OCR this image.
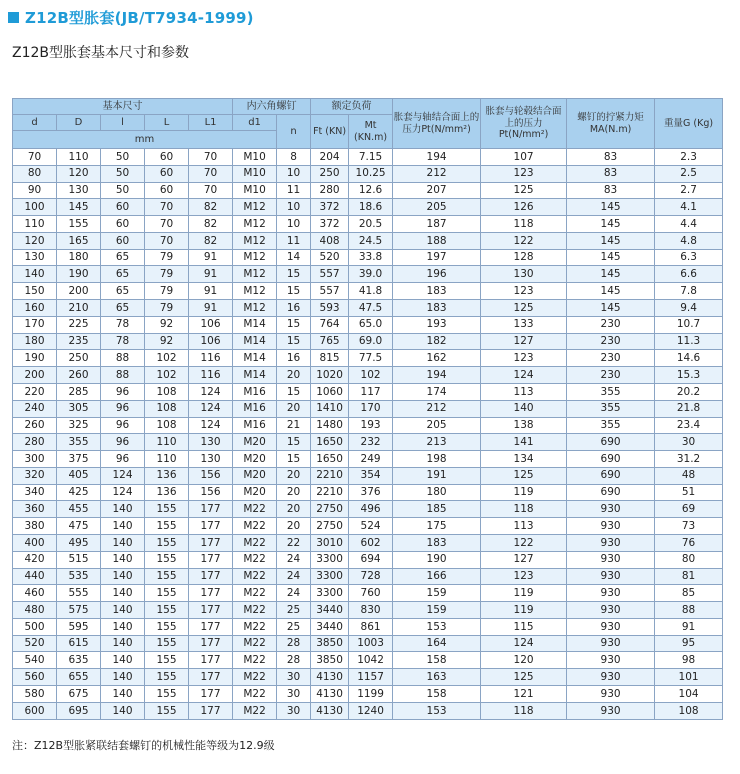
Z12B型胀套(JB/T7934-1999)
Z12B型胀套基本尺寸和参数
基本尺寸					内六角螺钉		额定负荷		胀套与轴结合面上的压力Pt(N/mm²)	胀套与轮毂结合面上的压力Pt(N/mm²)	螺钉的拧紧力矩MA(N.m)	重量G (Kg)
d	D	l	L	L1	d1	n	Ft (KN)	Mt (KN.m)				
mm												
70	110	50	60	70	M10	8	204	7.15	194	107	83	2.3
80	120	50	60	70	M10	10	250	10.25	212	123	83	2.5
90	130	50	60	70	M10	11	280	12.6	207	125	83	2.7
100	145	60	70	82	M12	10	372	18.6	205	126	145	4.1
110	155	60	70	82	M12	10	372	20.5	187	118	145	4.4
120	165	60	70	82	M12	11	408	24.5	188	122	145	4.8
130	180	65	79	91	M12	14	520	33.8	197	128	145	6.3
140	190	65	79	91	M12	15	557	39.0	196	130	145	6.6
150	200	65	79	91	M12	15	557	41.8	183	123	145	7.8
160	210	65	79	91	M12	16	593	47.5	183	125	145	9.4
170	225	78	92	106	M14	15	764	65.0	193	133	230	10.7
180	235	78	92	106	M14	15	765	69.0	182	127	230	11.3
190	250	88	102	116	M14	16	815	77.5	162	123	230	14.6
200	260	88	102	116	M14	20	1020	102	194	124	230	15.3
220	285	96	108	124	M16	15	1060	117	174	113	355	20.2
240	305	96	108	124	M16	20	1410	170	212	140	355	21.8
260	325	96	108	124	M16	21	1480	193	205	138	355	23.4
280	355	96	110	130	M20	15	1650	232	213	141	690	30
300	375	96	110	130	M20	15	1650	249	198	134	690	31.2
320	405	124	136	156	M20	20	2210	354	191	125	690	48
340	425	124	136	156	M20	20	2210	376	180	119	690	51
360	455	140	155	177	M22	20	2750	496	185	118	930	69
380	475	140	155	177	M22	20	2750	524	175	113	930	73
400	495	140	155	177	M22	22	3010	602	183	122	930	76
420	515	140	155	177	M22	24	3300	694	190	127	930	80
440	535	140	155	177	M22	24	3300	728	166	123	930	81
460	555	140	155	177	M22	24	3300	760	159	119	930	85
480	575	140	155	177	M22	25	3440	830	159	119	930	88
500	595	140	155	177	M22	25	3440	861	153	115	930	91
520	615	140	155	177	M22	28	3850	1003	164	124	930	95
540	635	140	155	177	M22	28	3850	1042	158	120	930	98
560	655	140	155	177	M22	30	4130	1157	163	125	930	101
580	675	140	155	177	M22	30	4130	1199	158	121	930	104
600	695	140	155	177	M22	30	4130	1240	153	118	930	108
注：Z12B型胀紧联结套螺钉的机械性能等级为12.9级
